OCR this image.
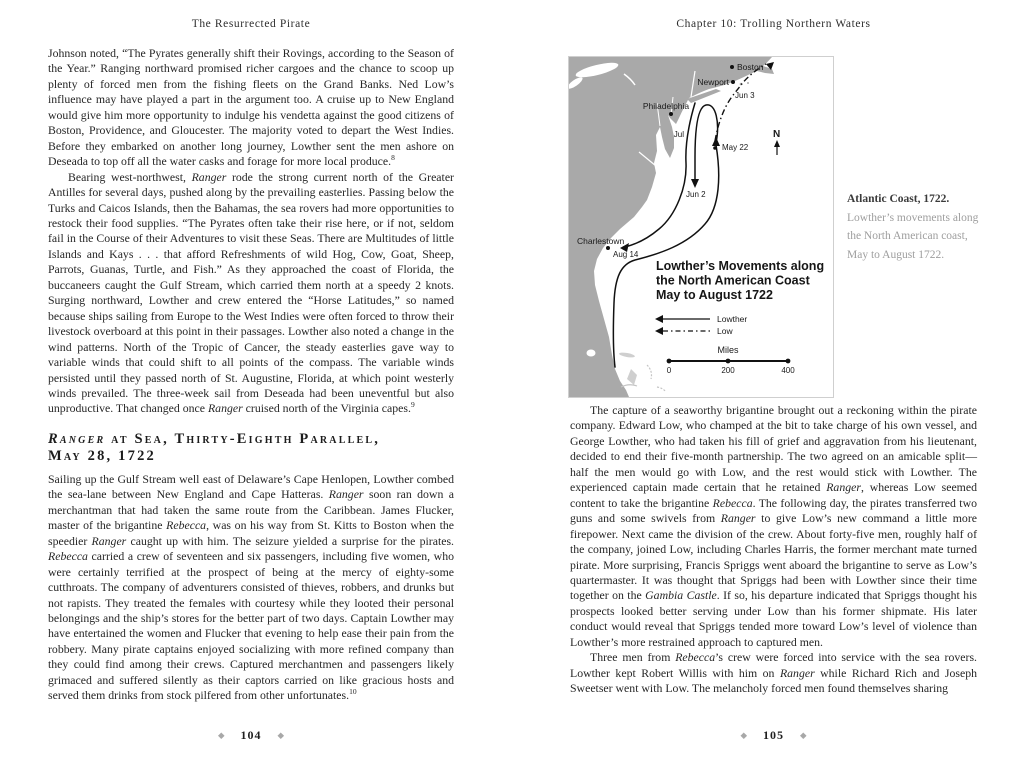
The Resurrected Pirate

Johnson noted, “The Pyrates generally shift their Rovings, according to the Season of the Year.” Ranging northward promised richer cargoes and the chance to scoop up plenty of forced men from the fishing fleets on the Grand Banks. Ned Low’s influence may have played a part in the argument too. A cruise up to New England would give him more opportunity to indulge his vendetta against the good citizens of Boston, Providence, and Gloucester. The majority voted to depart the West Indies. Before they embarked on another long journey, Lowther sent the men ashore on Deseada to top off all the water casks and forage for more local produce.$^8$

Bearing west-northwest, Ranger rode the strong current north of the Greater Antilles for several days, pushed along by the prevailing easterlies. Passing below the Turks and Caicos Islands, then the Bahamas, the sea rovers had more opportunities to restock their food supplies. “The Pyrates often take their rise here, or if not, seldom fail in the Course of their Adventures to visit these Seas. There are Multitudes of little Islands and Kays . . . that afford Refreshments of wild Hog, Cow, Goat, Sheep, Parrots, Guanas, Turtle, and Fish.” As they approached the coast of Florida, the buccaneers caught the Gulf Stream, which carried them north at a speedy 2 knots. Surging northward, Lowther and crew entered the “Horse Latitudes,” so named because ships sailing from Europe to the West Indies were often forced to throw their livestock overboard at this point in their passages. Lowther also noted a change in the wind patterns. North of the Tropic of Cancer, the steady easterlies gave way to variable winds that could shift to all points of the compass. The variable winds persisted until they passed north of St. Augustine, Florida, at which point westerly winds prevailed. The three-week sail from Deseada had been uneventful but also unproductive. That changed once Ranger cruised north of the Virginia capes.$^9$

Ranger at Sea, Thirty-Eighth Parallel,
May 28, 1722

Sailing up the Gulf Stream well east of Delaware’s Cape Henlopen, Lowther combed the sea-lane between New England and Cape Hatteras. Ranger soon ran down a merchantman that had taken the same route from the Caribbean. James Flucker, master of the brigantine Rebecca, was on his way from St. Kitts to Boston when the speedier Ranger caught up with him. The seizure yielded a surprise for the pirates. Rebecca carried a crew of seventeen and six passengers, including five women, who were certainly terrified at the prospect of being at the mercy of eighty-some cutthroats. The company of adventurers consisted of thieves, robbers, and drunks but not rapists. They treated the females with courtesy while they looted their personal belongings and the ship’s stores for the better part of two days. Captain Lowther may have entertained the women and Flucker that evening to help ease their pain from the robbery. Many pirate captains enjoyed socializing with more refined company than they could find among their crews. Captured merchantmen and passengers likely grimaced and suffered silently as their captors carried on like gracious hosts and served them drinks from stock pilfered from other unfortunates.$^{10}$

◆ 104 ◆
Chapter 10: Trolling Northern Waters
Boston
Newport
Philadelphia
Charlestown
Jun 3
May 22
Jul
Jun 2
Aug 14
N
Lowther’s Movements along
the North American Coast
May to August 1722
Lowther
Low
Miles
0	200	400
Atlantic Coast, 1722.
Lowther’s movements along the North American coast, May to August 1722.

The capture of a seaworthy brigantine brought out a reckoning within the pirate company. Edward Low, who champed at the bit to take charge of his own vessel, and George Lowther, who had taken his fill of grief and aggravation from his lieutenant, decided to end their five-month partnership. The two agreed on an amicable split—half the men would go with Low, and the rest would stick with Lowther. The experienced captain made certain that he retained Ranger, whereas Low seemed content to take the brigantine Rebecca. The following day, the pirates transferred two guns and some swivels from Ranger to give Low’s new command a little more firepower. Next came the division of the crew. About forty-five men, roughly half of the company, joined Low, including Charles Harris, the former merchant mate turned pirate. More surprising, Francis Spriggs went aboard the brigantine to serve as Low’s quartermaster. It was thought that Spriggs had been with Lowther since their time together on the Gambia Castle. If so, his departure indicated that Spriggs thought his prospects looked better serving under Low than his former shipmate. His later conduct would reveal that Spriggs tended more toward Low’s level of violence than Lowther’s more restrained approach to captured men.

Three men from Rebecca’s crew were forced into service with the sea rovers. Lowther kept Robert Willis with him on Ranger while Richard Rich and Joseph Sweetser went with Low. The melancholy forced men found themselves sharing

◆ 105 ◆
